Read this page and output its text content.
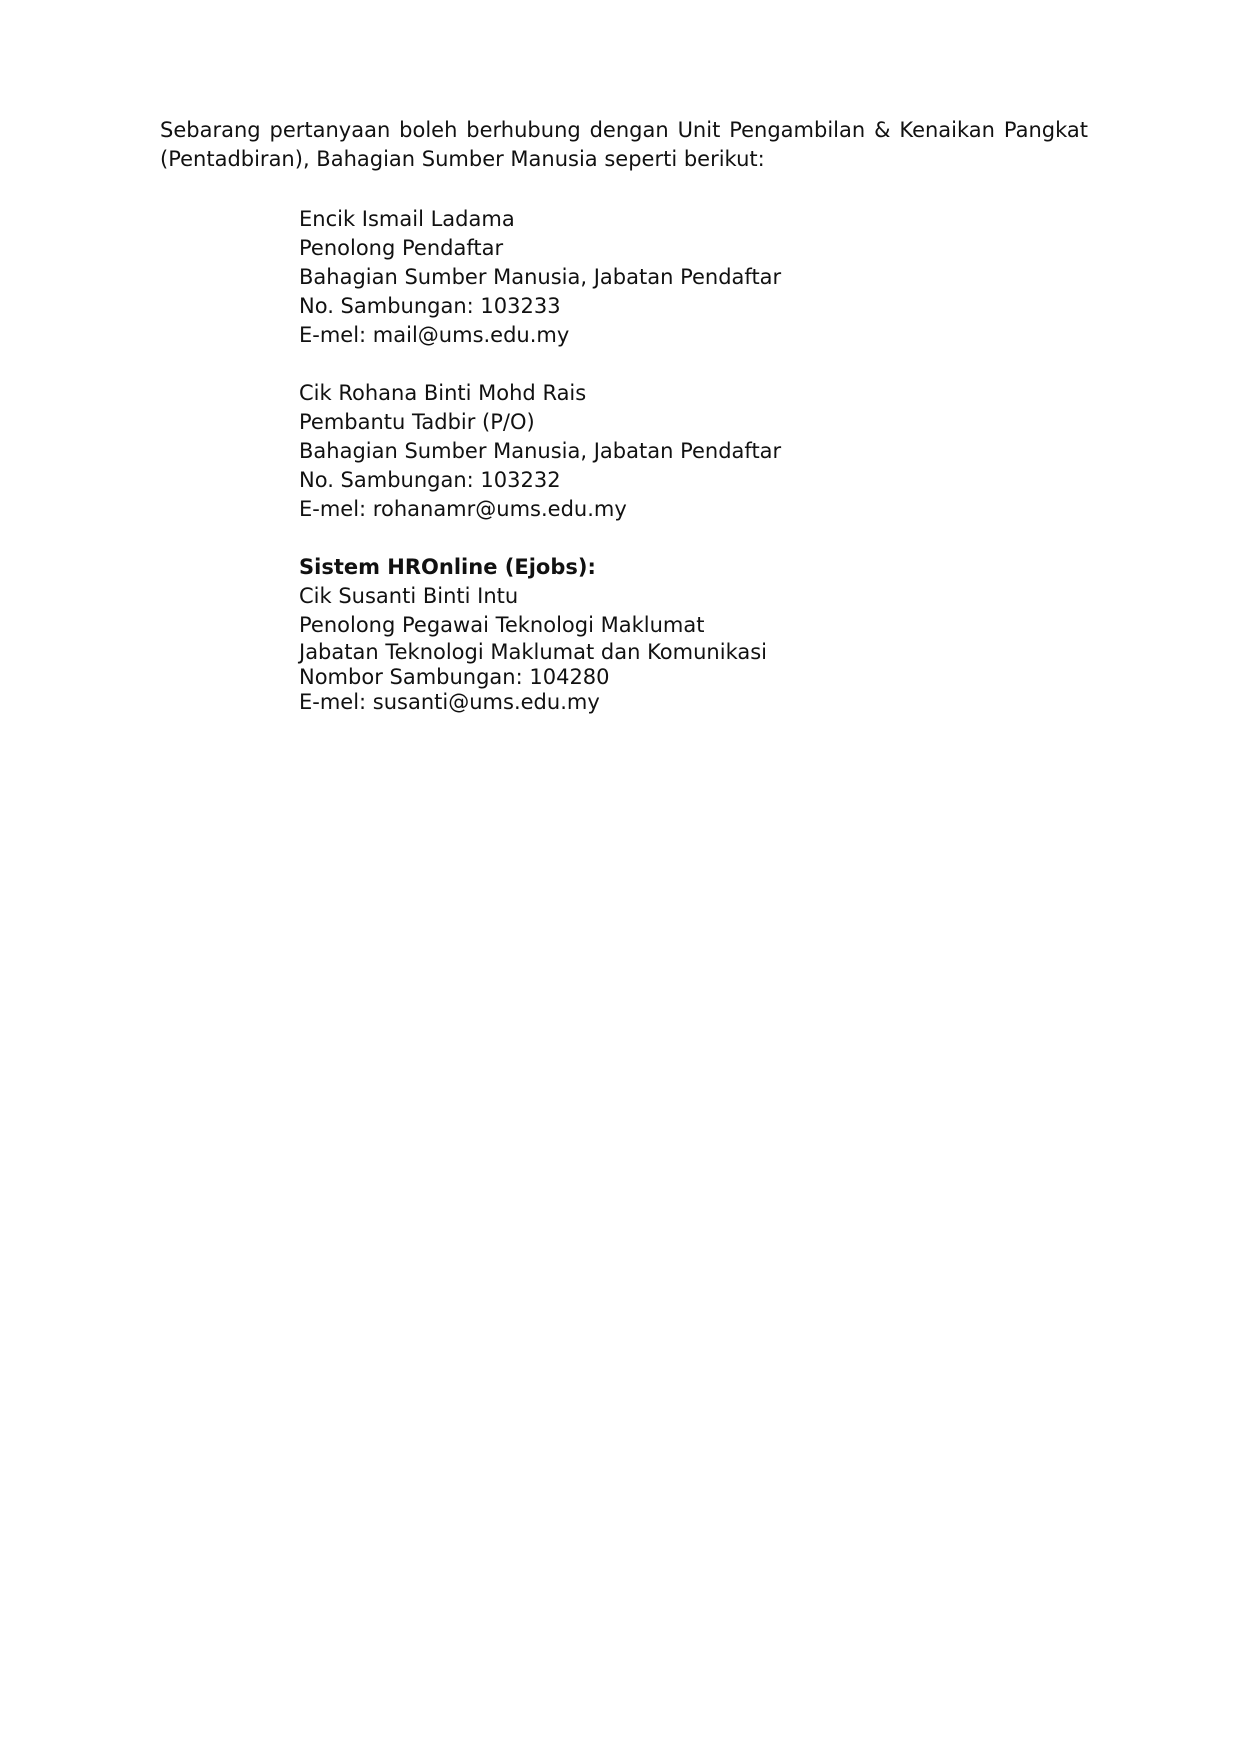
Sebarang pertanyaan boleh berhubung dengan Unit Pengambilan & Kenaikan Pangkat (Pentadbiran), Bahagian Sumber Manusia seperti berikut:

Encik Ismail Ladama
Penolong Pendaftar
Bahagian Sumber Manusia, Jabatan Pendaftar
No. Sambungan: 103233
E-mel: mail@ums.edu.my
Cik Rohana Binti Mohd Rais
Pembantu Tadbir (P/O)
Bahagian Sumber Manusia, Jabatan Pendaftar
No. Sambungan: 103232
E-mel: rohanamr@ums.edu.my
Sistem HROnline (Ejobs):
Cik Susanti Binti Intu
Penolong Pegawai Teknologi Maklumat
Jabatan Teknologi Maklumat dan Komunikasi
Nombor Sambungan: 104280
E-mel: susanti@ums.edu.my
